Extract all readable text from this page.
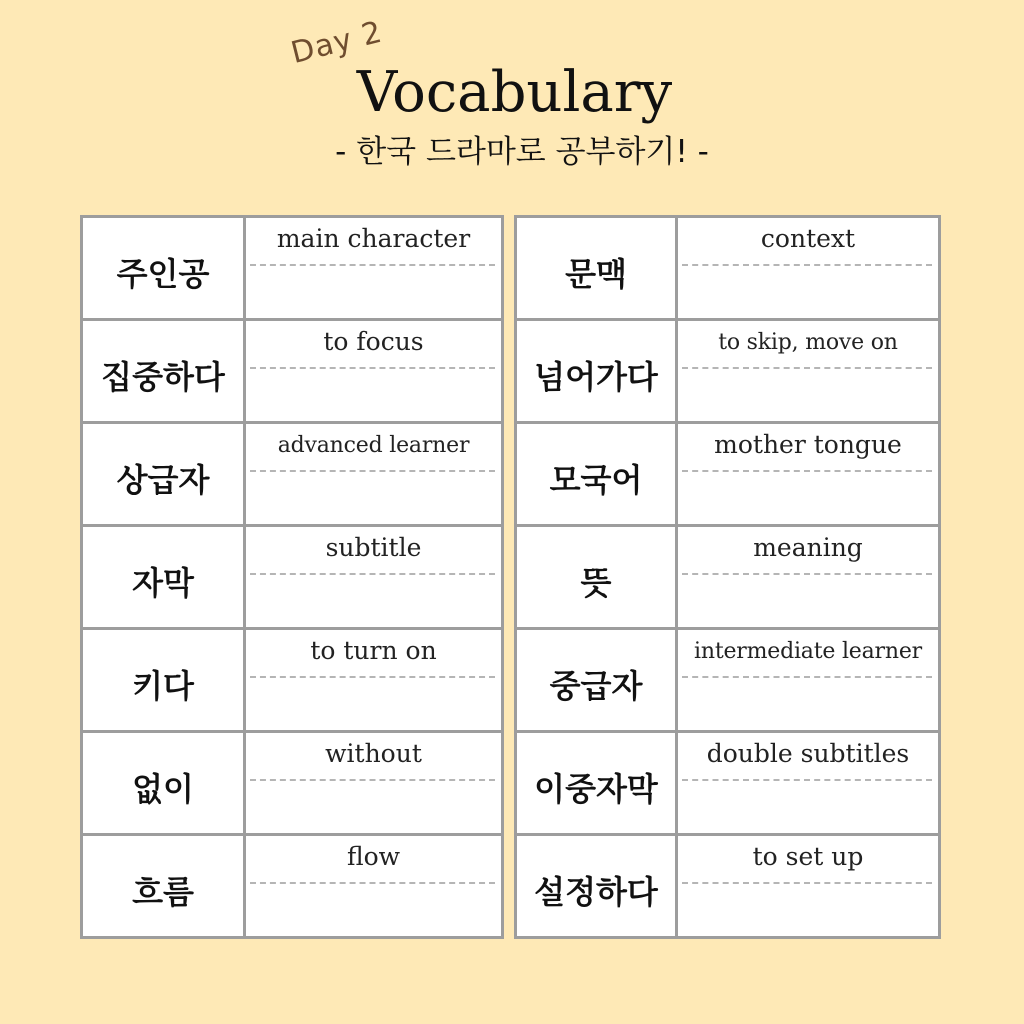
Day 2
Vocabulary
- 한국 드라마로 공부하기! -
주인공
main character
집중하다
to focus
상급자
advanced learner
자막
subtitle
키다
to turn on
없이
without
흐름
flow
문맥
context
넘어가다
to skip, move on
모국어
mother tongue
뜻
meaning
중급자
intermediate learner
이중자막
double subtitles
설정하다
to set up
